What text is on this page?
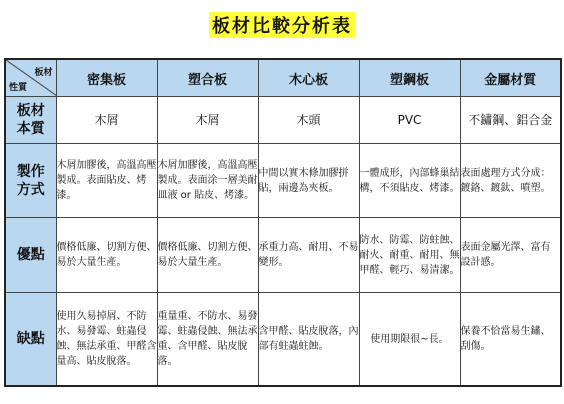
板材比較分析表
板材
性質	密集板	塑合板	木心板	塑鋼板	金屬材質

板材
本質	木屑	木屑	木頭	PVC	不鏽鋼、鋁合金

製作
方式	木屑加膠後，高溫高壓製成。表面貼皮、烤漆。	木屑加膠後，高溫高壓製成。表面涂一層美耐皿液 or 貼皮、烤漆。	中間以實木條加膠拼貼，兩邊為夾板。	一體成形，內部蜂巢結構，不須貼皮、烤漆。	表面處理方式分成：鍍鉻、鍍鈦、噴塑。

優點	價格低廉、切割方便、易於大量生產。	價格低廉、切割方便、易於大量生產。	承重力高、耐用、不易變形。	防水、防霉、防蛀蝕、耐火、耐重、耐用、無甲醛、輕巧、易清潔。	表面金屬光澤、富有設計感。

缺點	使用久易掉屑、不防水、易發霉、蛀蟲侵蝕、無法承重、甲醛含量高、貼皮脫落。	重量重、不防水、易發霉、蛀蟲侵蝕、無法承重、含甲醛、貼皮脫落。	含甲醛、貼皮脫落，內部有蛀蟲蛀蝕。	使用期限很~長。	保養不恰當易生鏽、刮傷。
